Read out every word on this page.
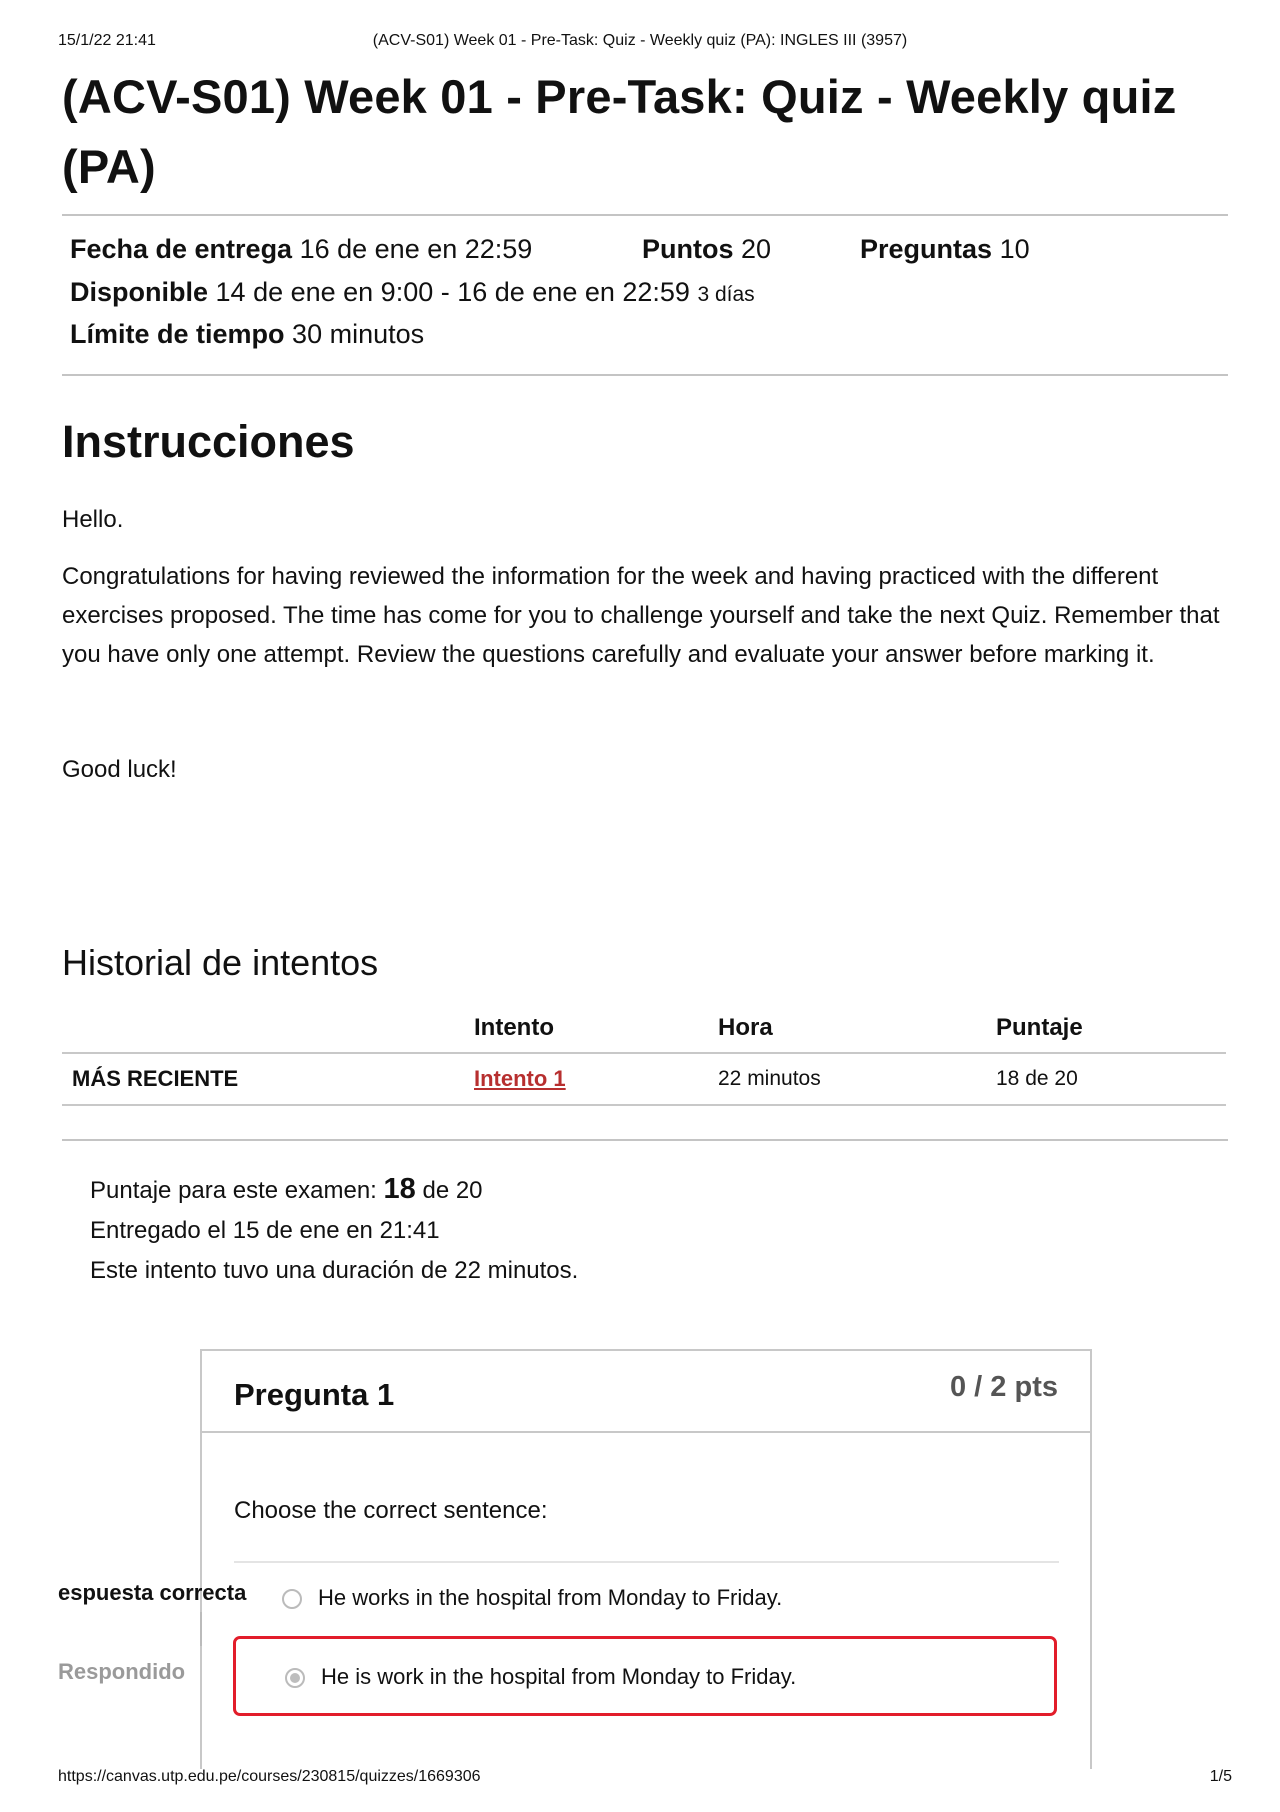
15/1/22 21:41	(ACV-S01) Week 01 - Pre-Task: Quiz - Weekly quiz (PA): INGLES III (3957)
(ACV-S01) Week 01 - Pre-Task: Quiz - Weekly quiz (PA)
Fecha de entrega 16 de ene en 22:59	Puntos 20	Preguntas 10
Disponible 14 de ene en 9:00 - 16 de ene en 22:59 3 días
Límite de tiempo 30 minutos
Instrucciones

Hello.

Congratulations for having reviewed the information for the week and having practiced with the different exercises proposed. The time has come for you to challenge yourself and take the next Quiz. Remember that you have only one attempt. Review the questions carefully and evaluate your answer before marking it.

Good luck!

Historial de intentos
	Intento	Hora	Puntaje
MÁS RECIENTE	Intento 1	22 minutos	18 de 20
Puntaje para este examen: 18 de 20
Entregado el 15 de ene en 21:41
Este intento tuvo una duración de 22 minutos.
Pregunta 1	0 / 2 pts
Choose the correct sentence:
espuesta correcta
Respondido
He works in the hospital from Monday to Friday.
He is work in the hospital from Monday to Friday.
https://canvas.utp.edu.pe/courses/230815/quizzes/1669306	1/5
